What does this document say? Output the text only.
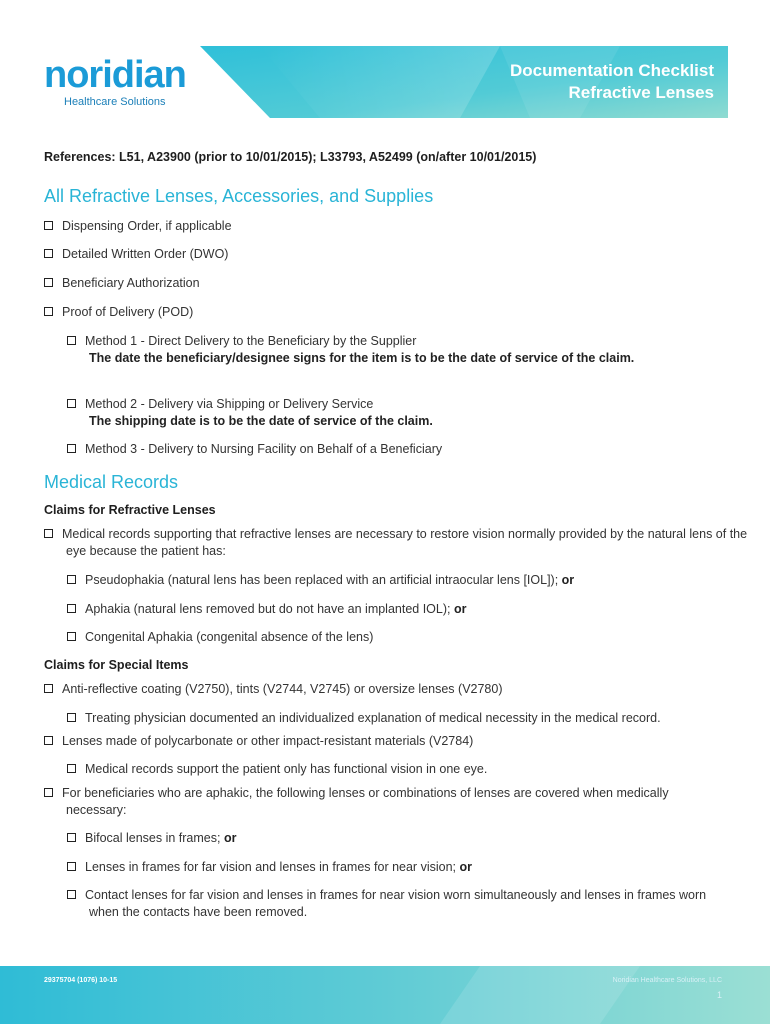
noridian
Healthcare Solutions
Documentation Checklist
Refractive Lenses
References: L51, A23900 (prior to 10/01/2015); L33793, A52499 (on/after 10/01/2015)
All Refractive Lenses, Accessories, and Supplies
Dispensing Order, if applicable
Detailed Written Order (DWO)
Beneficiary Authorization
Proof of Delivery (POD)
Method 1 - Direct Delivery to the Beneficiary by the Supplier
The date the beneficiary/designee signs for the item is to be the date of service of the claim.
Method 2 - Delivery via Shipping or Delivery Service
The shipping date is to be the date of service of the claim.
Method 3 - Delivery to Nursing Facility on Behalf of a Beneficiary
Medical Records
Claims for Refractive Lenses
Medical records supporting that refractive lenses are necessary to restore vision normally provided by the natural lens of the eye because the patient has:
Pseudophakia (natural lens has been replaced with an artificial intraocular lens [IOL]); or
Aphakia (natural lens removed but do not have an implanted IOL); or
Congenital Aphakia (congenital absence of the lens)
Claims for Special Items
Anti-reflective coating (V2750), tints (V2744, V2745) or oversize lenses (V2780)
Treating physician documented an individualized explanation of medical necessity in the medical record.
Lenses made of polycarbonate or other impact-resistant materials (V2784)
Medical records support the patient only has functional vision in one eye.
For beneficiaries who are aphakic, the following lenses or combinations of lenses are covered when medically necessary:
Bifocal lenses in frames; or
Lenses in frames for far vision and lenses in frames for near vision; or
Contact lenses for far vision and lenses in frames for near vision worn simultaneously and lenses in frames worn when the contacts have been removed.
29375704 (1076) 10-15	Noridian Healthcare Solutions, LLC
1
